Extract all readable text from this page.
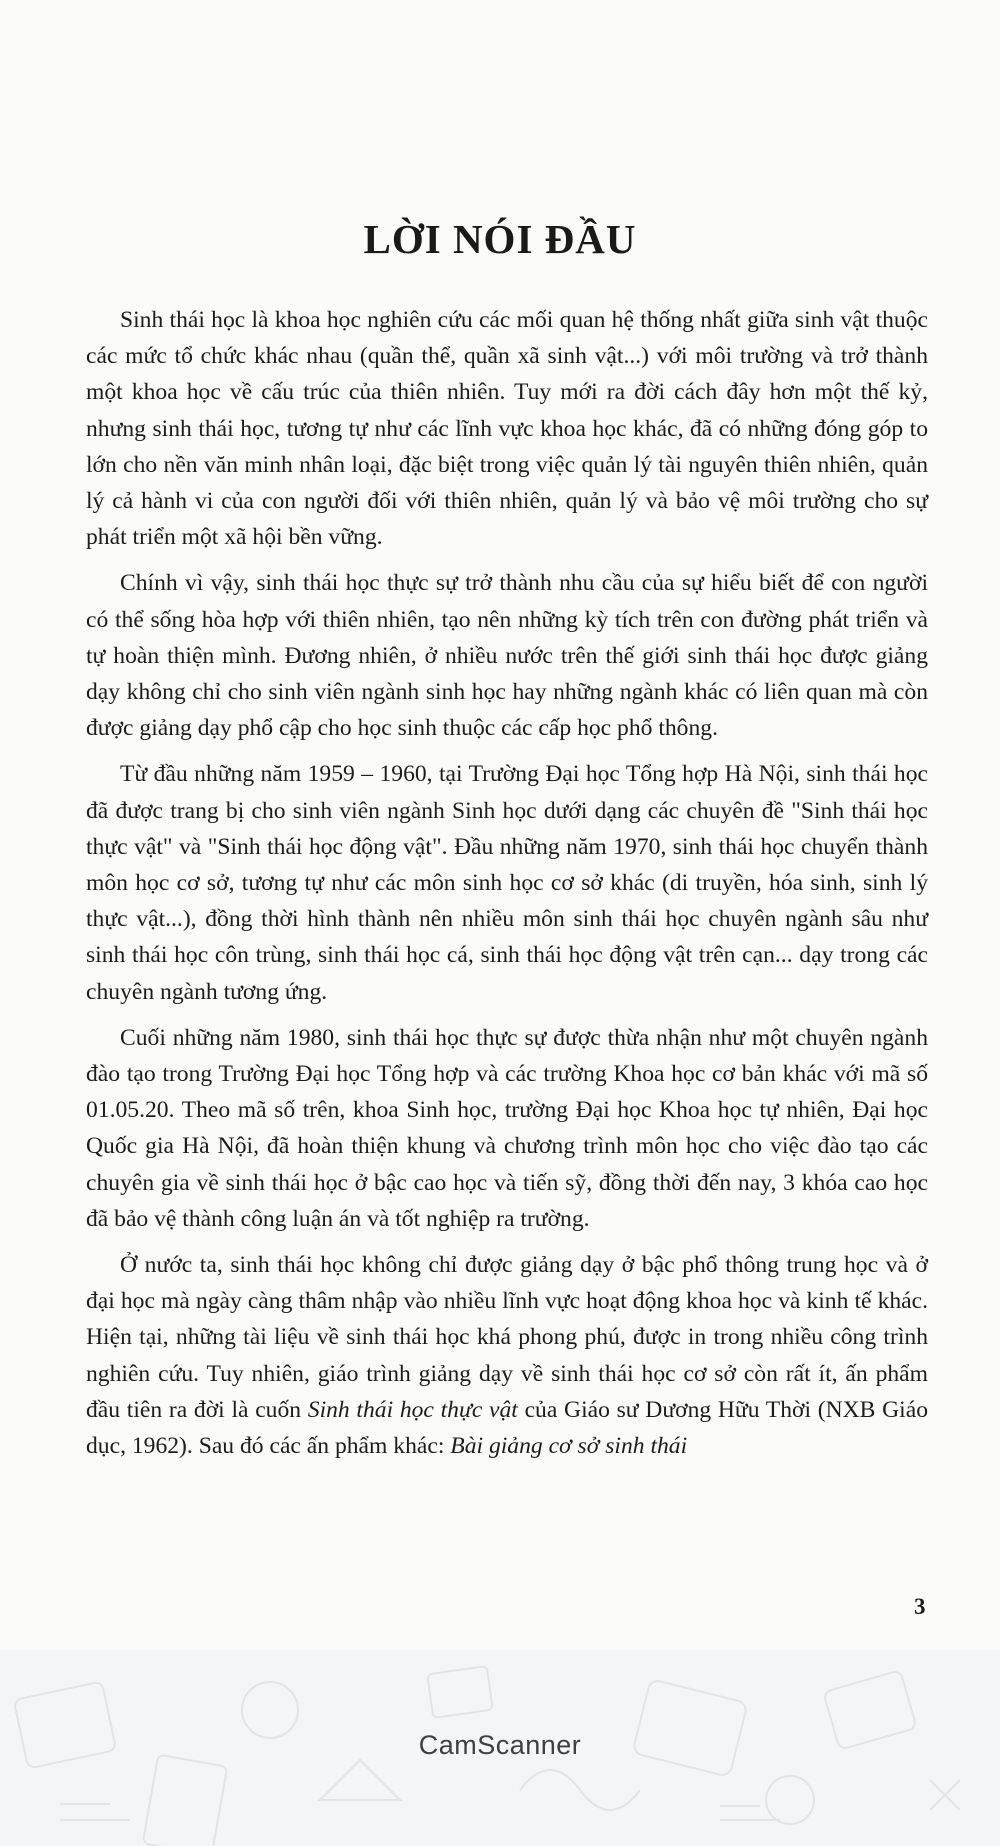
LỜI NÓI ĐẦU

Sinh thái học là khoa học nghiên cứu các mối quan hệ thống nhất giữa sinh vật thuộc các mức tổ chức khác nhau (quần thể, quần xã sinh vật...) với môi trường và trở thành một khoa học về cấu trúc của thiên nhiên. Tuy mới ra đời cách đây hơn một thế kỷ, nhưng sinh thái học, tương tự như các lĩnh vực khoa học khác, đã có những đóng góp to lớn cho nền văn minh nhân loại, đặc biệt trong việc quản lý tài nguyên thiên nhiên, quản lý cả hành vi của con người đối với thiên nhiên, quản lý và bảo vệ môi trường cho sự phát triển một xã hội bền vững.

Chính vì vậy, sinh thái học thực sự trở thành nhu cầu của sự hiểu biết để con người có thể sống hòa hợp với thiên nhiên, tạo nên những kỳ tích trên con đường phát triển và tự hoàn thiện mình. Đương nhiên, ở nhiều nước trên thế giới sinh thái học được giảng dạy không chỉ cho sinh viên ngành sinh học hay những ngành khác có liên quan mà còn được giảng dạy phổ cập cho học sinh thuộc các cấp học phổ thông.

Từ đầu những năm 1959 – 1960, tại Trường Đại học Tổng hợp Hà Nội, sinh thái học đã được trang bị cho sinh viên ngành Sinh học dưới dạng các chuyên đề "Sinh thái học thực vật" và "Sinh thái học động vật". Đầu những năm 1970, sinh thái học chuyển thành môn học cơ sở, tương tự như các môn sinh học cơ sở khác (di truyền, hóa sinh, sinh lý thực vật...), đồng thời hình thành nên nhiều môn sinh thái học chuyên ngành sâu như sinh thái học côn trùng, sinh thái học cá, sinh thái học động vật trên cạn... dạy trong các chuyên ngành tương ứng.

Cuối những năm 1980, sinh thái học thực sự được thừa nhận như một chuyên ngành đào tạo trong Trường Đại học Tổng hợp và các trường Khoa học cơ bản khác với mã số 01.05.20. Theo mã số trên, khoa Sinh học, trường Đại học Khoa học tự nhiên, Đại học Quốc gia Hà Nội, đã hoàn thiện khung và chương trình môn học cho việc đào tạo các chuyên gia về sinh thái học ở bậc cao học và tiến sỹ, đồng thời đến nay, 3 khóa cao học đã bảo vệ thành công luận án và tốt nghiệp ra trường.

Ở nước ta, sinh thái học không chỉ được giảng dạy ở bậc phổ thông trung học và ở đại học mà ngày càng thâm nhập vào nhiều lĩnh vực hoạt động khoa học và kinh tế khác. Hiện tại, những tài liệu về sinh thái học khá phong phú, được in trong nhiều công trình nghiên cứu. Tuy nhiên, giáo trình giảng dạy về sinh thái học cơ sở còn rất ít, ấn phẩm đầu tiên ra đời là cuốn Sinh thái học thực vật của Giáo sư Dương Hữu Thời (NXB Giáo dục, 1962). Sau đó các ấn phẩm khác: Bài giảng cơ sở sinh thái

3
CamScanner
